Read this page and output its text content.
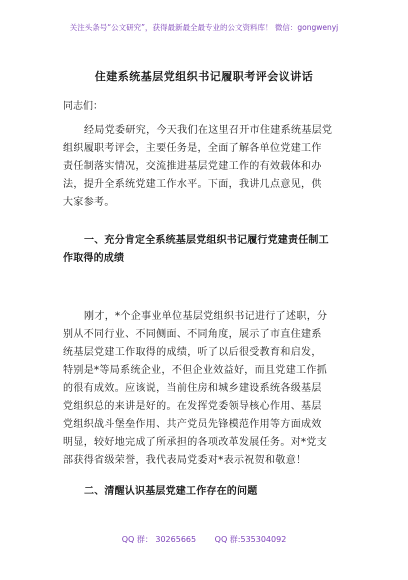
关注头条号“公文研究”，获得最新最全最专业的公文资料库！ 微信：gongwenyj
住建系统基层党组织书记履职考评会议讲话
同志们：
经局党委研究，今天我们在这里召开市住建系统基层党
组织履职考评会，主要任务是，全面了解各单位党建工作
责任制落实情况，交流推进基层党建工作的有效载体和办
法，提升全系统党建工作水平。下面，我讲几点意见，供
大家参考。
一、充分肯定全系统基层党组织书记履行党建责任制工
作取得的成绩
刚才，*个企事业单位基层党组织书记进行了述职，分
别从不同行业、不同侧面、不同角度，展示了市直住建系
统基层党建工作取得的成绩，听了以后很受教育和启发，
特别是*等局系统企业，不但企业效益好，而且党建工作抓
的很有成效。应该说，当前住房和城乡建设系统各级基层
党组织总的来讲是好的。在发挥党委领导核心作用、基层
党组织战斗堡垒作用、共产党员先锋模范作用等方面成效
明显，较好地完成了所承担的各项改革发展任务。对*党支
部获得省级荣誉，我代表局党委对*表示祝贺和敬意！
二、清醒认识基层党建工作存在的问题
QQ 群： 30265665 QQ 群:535304092
